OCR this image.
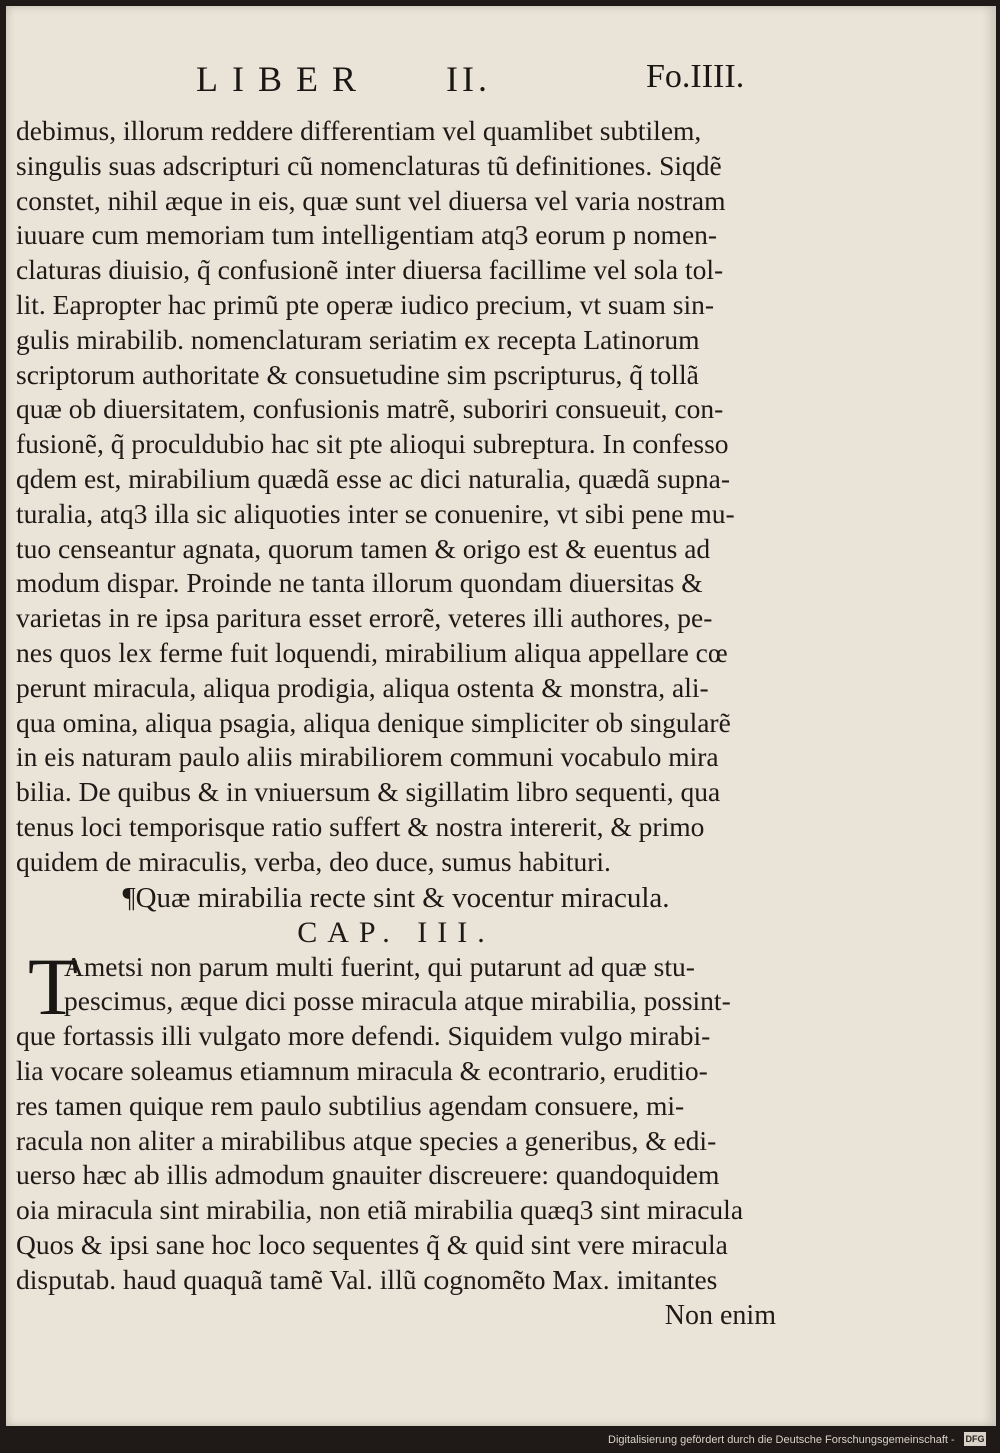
LIBER II.	Fo.IIII.
debimus, illorum reddere differentiam vel quamlibet subtilem,
singulis suas adscripturi cũ nomenclaturas tũ definitiones. Siqdẽ
constet, nihil æque in eis, quæ sunt vel diuersa vel varia nostram
iuuare cum memoriam tum intelligentiam atq3 eorum p nomen-
claturas diuisio, q̃ confusionẽ inter diuersa facillime vel sola tol-
lit. Eapropter hac primũ pte operæ iudico precium, vt suam sin-
gulis mirabilib. nomenclaturam seriatim ex recepta Latinorum
scriptorum authoritate & consuetudine sim pscripturus, q̃ tollã
quæ ob diuersitatem, confusionis matrẽ, suboriri consueuit, con-
fusionẽ, q̃ proculdubio hac sit pte alioqui subreptura. In confesso
qdem est, mirabilium quædã esse ac dici naturalia, quædã supna-
turalia, atq3 illa sic aliquoties inter se conuenire, vt sibi pene mu-
tuo censeantur agnata, quorum tamen & origo est & euentus ad
modum dispar. Proinde ne tanta illorum quondam diuersitas &
varietas in re ipsa paritura esset errorẽ, veteres illi authores, pe-
nes quos lex ferme fuit loquendi, mirabilium aliqua appellare cœ
perunt miracula, aliqua prodigia, aliqua ostenta & monstra, ali-
qua omina, aliqua psagia, aliqua denique simpliciter ob singularẽ
in eis naturam paulo aliis mirabiliorem communi vocabulo mira
bilia. De quibus & in vniuersum & sigillatim libro sequenti, qua
tenus loci temporisque ratio suffert & nostra intererit, & primo
quidem de miraculis, verba, deo duce, sumus habituri.
¶Quæ mirabilia recte sint & vocentur miracula.
CAP. III.
T
Ametsi non parum multi fuerint, qui putarunt ad quæ stu-
pescimus, æque dici posse miracula atque mirabilia, possint-
que fortassis illi vulgato more defendi. Siquidem vulgo mirabi-
lia vocare soleamus etiamnum miracula & econtrario, eruditio-
res tamen quique rem paulo subtilius agendam consuere, mi-
racula non aliter a mirabilibus atque species a generibus, & edi-
uerso hæc ab illis admodum gnauiter discreuere: quandoquidem
oia miracula sint mirabilia, non etiã mirabilia quæq3 sint miracula
Quos & ipsi sane hoc loco sequentes q̃ & quid sint vere miracula
disputab. haud quaquã tamẽ Val. illũ cognomẽto Max. imitantes
Non enim
Digitalisierung gefördert durch die Deutsche Forschungsgemeinschaft - DFG
